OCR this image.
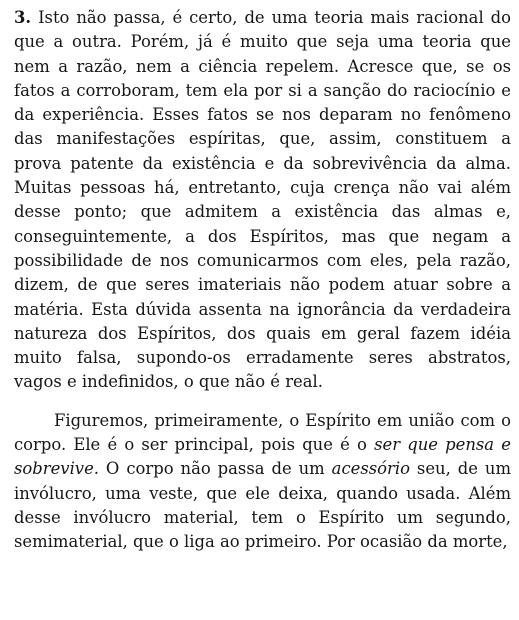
3. Isto não passa, é certo, de uma teoria mais racional do que a outra. Porém, já é muito que seja uma teoria que nem a razão, nem a ciência repelem. Acresce que, se os fatos a corroboram, tem ela por si a sanção do raciocínio e da experiência. Esses fatos se nos deparam no fenômeno das manifestações espíritas, que, assim, constituem a prova patente da existência e da sobrevivência da alma. Muitas pessoas há, entretanto, cuja crença não vai além desse ponto; que admitem a existência das almas e, conseguintemente, a dos Espíritos, mas que negam a possibilidade de nos comunicarmos com eles, pela razão, dizem, de que seres imateriais não podem atuar sobre a matéria. Esta dúvida assenta na ignorância da verdadeira natureza dos Espíritos, dos quais em geral fazem idéia muito falsa, supondo-os erradamente seres abstratos, vagos e indefinidos, o que não é real.

Figuremos, primeiramente, o Espírito em união com o corpo. Ele é o ser principal, pois que é o ser que pensa e sobrevive. O corpo não passa de um acessório seu, de um invólucro, uma veste, que ele deixa, quando usada. Além desse invólucro material, tem o Espírito um segundo, semimaterial, que o liga ao primeiro. Por ocasião da morte,
